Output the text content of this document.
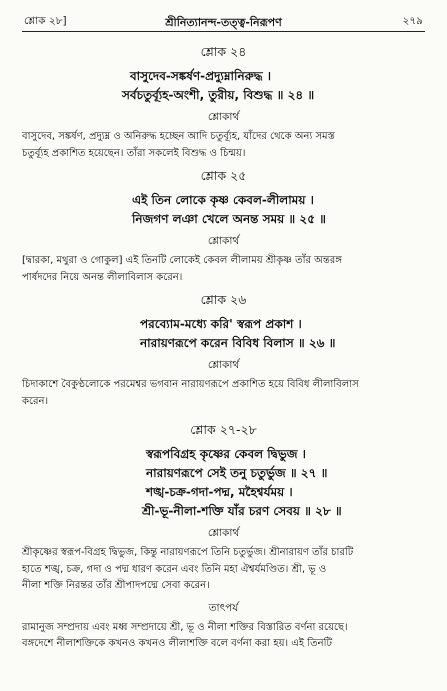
শ্লোক ২৮]	শ্রীনিত্যানন্দ-তত্ত্ব-নিরূপণ	২৭৯
শ্লোক ২৪
বাসুদেব-সঙ্কর্ষণ-প্রদ্যুম্নানিরুদ্ধ ।
সর্বচতুর্ব্যূহ-অংশী, তুরীয়, বিশুদ্ধ ॥ ২৪ ॥
শ্লোকার্থ
বাসুদেব, সঙ্কর্ষণ, প্রদ্যুম্ন ও অনিরুদ্ধ হচ্ছেন আদি চতুর্ব্যূহ, যাঁদের থেকে অন্য সমস্ত
চতুর্ব্যূহ প্রকাশিত হয়েছেন। তাঁরা সকলেই বিশুদ্ধ ও চিন্ময়।
শ্লোক ২৫
এই তিন লোকে কৃষ্ণ কেবল-লীলাময় ।
নিজগণ লঞা খেলে অনন্ত সময় ॥ ২৫ ॥
শ্লোকার্থ
[দ্বারকা, মথুরা ও গোকুল] এই তিনটি লোকেই কেবল লীলাময় শ্রীকৃষ্ণ তাঁর অন্তরঙ্গ
পার্ষদদের নিয়ে অনন্ত লীলাবিলাস করেন।
শ্লোক ২৬
পরব্যোম-মধ্যে করি' স্বরূপ প্রকাশ ।
নারায়ণরূপে করেন বিবিধ বিলাস ॥ ২৬ ॥
শ্লোকার্থ
চিদাকাশে বৈকুণ্ঠলোকে পরমেশ্বর ভগবান নারায়ণরূপে প্রকাশিত হয়ে বিবিধ লীলাবিলাস
করেন।
শ্লোক ২৭-২৮
স্বরূপবিগ্রহ কৃষ্ণের কেবল দ্বিভুজ ।
নারায়ণরূপে সেই তনু চতুর্ভুজ ॥ ২৭ ॥
শঙ্খ-চক্র-গদা-পদ্ম, মহৈশ্বর্যময় ।
শ্রী-ভূ-নীলা-শক্তি যাঁর চরণ সেবয় ॥ ২৮ ॥
শ্লোকার্থ
শ্রীকৃষ্ণের স্বরূপ-বিগ্রহ দ্বিভুজ, কিন্তু নারায়ণরূপে তিনি চতুর্ভুজ। শ্রীনারায়ণ তাঁর চারটি
হাতে শঙ্খ, চক্র, গদা ও পদ্ম ধারণ করেন এবং তিনি মহা ঐশ্বর্যমণ্ডিত। শ্রী, ভূ ও
নীলা শক্তি নিরন্তর তাঁর শ্রীপাদপদ্মে সেবা করেন।
তাৎপর্য
রামানুজ সম্প্রদায় এবং মধ্ব সম্প্রদায়ে শ্রী, ভূ ও নীলা শক্তির বিস্তারিত বর্ণনা রয়েছে।
বঙ্গদেশে নীলাশক্তিকে কখনও কখনও লীলাশক্তি বলে বর্ণনা করা হয়। এই তিনটি
